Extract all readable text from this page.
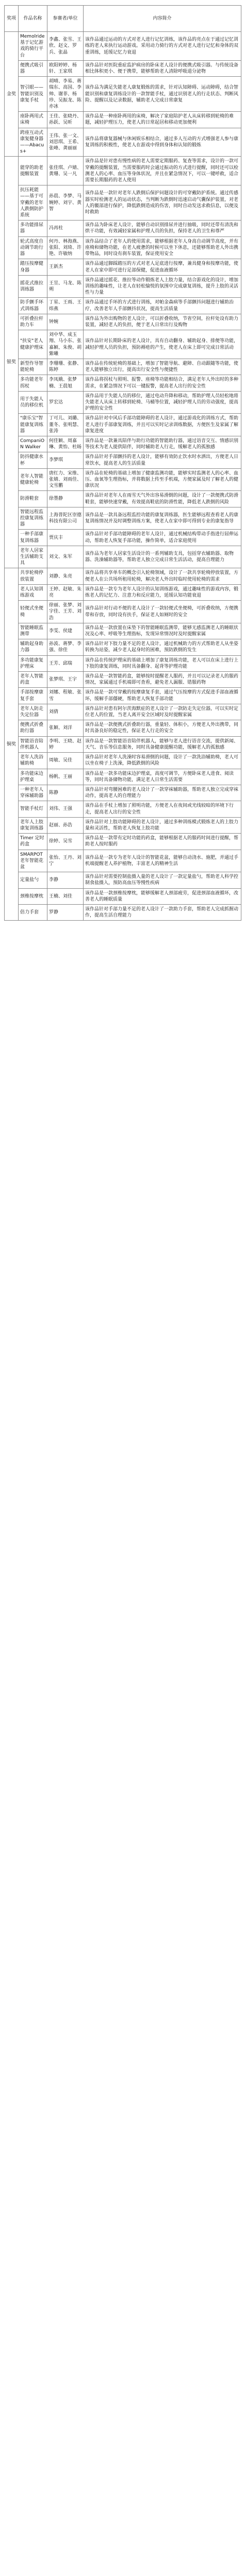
奖项	作品名称	参赛者/单位	内容简介
金奖	Memolride 基于记忆游戏的骑行平台	李鑫、张雪、王欣、赵文、罗兵、张晶	该作品通过运动的方式对老人进行记忆训练，该作品的亮点在于通过记忆训练的老人来执行运动游戏。采用动力骑行的方式对老人进行记忆和身体的双重训练，延缓记忆力衰退
	便携式吸引器	欧阳婷婷、杨轩、王家琪	该作品针对医院重症监护病房的卧床老人设计的便携式吸引器。与传统设备相比体积更小、便于携带，能够帮助老人清除呼吸道分泌物
	智引眼——智能识别及康复手杖	胡晴、李易、蒋瑞东、高国、李帅、谢菲、杨珍、吴振龙、陈亦冰	该作品为满足失能老人康复锻炼的需求，针对认知障碍、运动障碍，结合智能识别和康复训练设计的一款智能手杖，通过识别老人的行走状态、判断风险、提醒以及记录数据，辅助老人完成日常康复
	座卧两用式床椅	王佳、张晓丹、孙跃、吴昕	该作品是一种座卧两用的床椅，解决了家庭陪护老人从床转移到轮椅的难题，减轻护理压力，使老人的日常起居和移动更加便利
	跨座互动式康复健身器——Abacus+	王伟、张一文、刘思琪、王希、张峰、龚丽丽	该作品将康复器械与休闲娱乐相结合，通过多人互动的方式增强老人参与康复训练的积极性，使老人在游戏中得到身体和认知的锻炼
银奖	能穿的助老提醒装置	张佳琪、卢婧、黄珊、吴一凡	该作品是针对患有慢性病的老人需要定期服药、复查等需求，设计的一款可穿戴的提醒装置，当需要服药时会通过振动的方式进行提醒，同时还可以检测老人的心率、血压等身体状况，并且在紧急情况下，可以一键呼救，适合需要长期服药的老人使用
	抗压耗能——基于可穿戴的老年人跌倒防护系统	孙晨、李梦、马婉婷、刘宇、黄智	该作品是一款针对老年人跌倒后保护问题设计的可穿戴防护系统。通过传感器实时检测老人的运动状态，当判断为跌倒时迅速启动气囊保护装置，对老人的髋部进行保护，降低跌倒造成的伤害，同时自动发送求救信息，以便及时救助
	多功能排尿器	冯再柱	该作品为卧床老人设计，能够自动识别排尿并进行抽吸，同时还带有清洗和烘干功能，有效减轻家属和护理人员的负担，保持老人的卫生和尊严
	轮式高度自动调节助行器	何丹、林海燕、张阳、刘琦、许艳、许敏纳	该作品结合了老年人的使用需求，能够根据老年人身高自动调节高度，并有座椅和储物功能，在老人疲惫的时候可以坐下休息，还能够帮助老人外出携带物品，同时设有刹车装置，保证使用安全
	踏压按摩健身器	王新杰	该作品通过脚踩踏压的方式对老人足底进行按摩，兼具健身和按摩功能，使老人在家中即可进行足部保健，促进血液循环
	摇花式推拉训练器	王昱、马龙、陈朔	该作品通过摇花、推拉等动作锻炼老人上肢力量，结合游戏化的设计，增加训练的趣味性，让老人在轻松愉悦的氛围中完成康复训练，提升上肢的灵活性与力量
	防手颤手环式训练器	丁星、王雨、王炜燕	该作品通过手环的方式进行训练，对帕金森病等手部颤抖问题进行辅助治疗，改善老年人手部颤抖状况，提高生活质量
	可折叠拉杆助力车	钟婉	该作品为外出购物的老人设计，可以折叠收纳，节省空间，拉杆处设有助力装置，减轻老人的负担，便于老人日常出行及购物
	"扶安"老人健康护理床	刘中华、成玉翔、马小东、张嘉颖、朱俊、胡紫曦	该作品针对长期卧床的老人设计，具有自动翻身、辅助起身、排便等功能，减轻护理人员的负担，预防褥疮的产生，使老人在床上即可完成日常活动
	新型作导智能轮椅	李珊珊、张静、陈婷	该作品在传统轮椅的基础上，增加了智能导航、避障、自动跟随等功能，使老人能够独立出行，提高出行安全性与便捷性
	多功能老年拐杖	李凤娥、张梦楠、王晨旭	该作品将拐杖与照明、报警、座椅等功能相结合，满足老年人外出时的多种需求，在紧急情况下可以一键报警，提高老人出行的安全性
	用于失能人员的移位机	罗宏达	该作品用于失能人员的移位，通过电动升降和移动，帮助护理人员轻松地将失能老人从床上转移到轮椅、马桶等位置，减轻护理人员的劳动强度，提高护理的安全性
	"康乐宝"智能康复训练器	丁可儿、刘璐、董冬、张明慧、张涛	该作品针对中风后手部功能障碍的老人设计，通过游戏化的训练方式，帮助老人进行手部康复训练，并且可以实时记录训练数据，方便医生及家属了解康复进度
	CompaniON Walker	何佳颖、周嘉琳、黄怡、杜旸	该作品是一款兼具陪伴与助行功能的智能助行器，通过语音交互、情感识别等技术为老人提供陪伴，同时辅助老人行走，缓解老人的孤独感
	防抖健康水杯	李梦琪	该作品针对手部颤抖的老人设计，能够有效防止饮水时水洒出，方便老人日常饮水，提高老人的生活质量
	老年人智能健康轮椅	唐红力、宋维、张婧、刘雨佳、文雪鹏	该作品在轮椅的基础上增加了健康监测功能，能够实时监测老人的心率、血压、血氧等生理指标，并将数据上传至手机端，方便家属及时了解老人的健康状况
	防滑鞋套	徐墨静	该作品针对老年人在雨雪天气外出容易滑倒的问题，设计了一款便携式防滑鞋套，能够快速穿戴，有效提高鞋底的防滑性能，降低老人跌倒的风险
	智能远程监控康复训练器	上海普陀区崇德科技有限公司	该作品是一款具备远程监控功能的康复训练器，医生能够远程查看老人的康复训练情况并及时调整训练方案，使老人在家中即可得到专业的康复指导
	一种手部康复训练器	贾庆丰	该作品针对手部功能障碍的老年人设计，通过机械结构带动手指进行屈伸运动，帮助老人恢复手部功能，操作简单，适合家庭使用
	老年人居家生活辅助支具	刘文、朱军	该作品为老年人居家生活设计的一系列辅助支具，包括穿衣辅助器、取物器、洗澡辅助器等，帮助老人独立完成日常生活活动，提高自理能力
铜奖	共享轮椅停放装置	刘静、朱亮	该作品将共享单车的概念引入轮椅领域，设计了一款共享轮椅停放装置，方便老人在公共场所租用轮椅，解决老人外出时临时使用轮椅的需求
	老人认知训练游戏	王婷、赵敏、朱亮	该作品是一款专为老年人设计的认知训练游戏，通过趣味性的游戏内容，锻炼老人的记忆力、注意力和反应能力，延缓认知功能衰退
	轻便式坐便椅	徐丽、张梦、刘宇佳、王芳、刘浩	该作品针对行动不便的老人设计了一款轻便式坐便椅，可折叠收纳，方便携带和存放，同时设有扶手，保证老人如厕时的安全
	智能睡眠监测带	李雯、侯建	该作品是一款放置在床垫下的智能睡眠监测带，能够无感监测老人的睡眠状况及心率、呼吸等生理指标，发现异常情况时及时提醒家属
	辅助起身助力器	孙波、蒋梦、李强、徐佳	该作品针对下肢力量不足的老人设计，通过机械助力的方式帮助老人从坐姿转换为站姿，减少老人起身时的困难，预防跌倒的发生
	多功能康复护理床	王芳、邱瑞	该作品在传统护理床的基础上增加了康复训练功能，老人可以在床上进行上下肢的康复训练，同时具备翻身、起背等护理功能
	老年人智能药盒	张梦琪、王宇	该作品是一款智能药盒，能够按时提醒老人服药，并且可以记录老人的服药情况，家属通过手机端即可查看，避免老人漏服、错服药物
	手部按摩康复手套	刘娜、程敏、张雪	该作品是一款可穿戴的按摩康复手套，通过气压按摩的方式促进手部血液循环，缓解手部僵硬，帮助老人恢复手部功能
	老年人防走失定位器	刘倩	该作品针对患有阿尔茨海默症的老人设计了一款防走失定位器，可以实时定位老人的位置，当老人离开安全区域时及时提醒家属
	便携式折叠助行器	张颖、刘洋	该作品是一款便携式折叠助行器，重量轻、体积小，方便老人外出携带，同时具备良好的稳定性，保证老人行走的安全
	智能语音陪伴机器人	李明、王晓、赵婷	该作品是一款智能语音陪伴机器人，能够与老人进行语音交流，提供新闻、天气、音乐等信息服务，同时具备健康提醒功能，缓解老人的孤独感
	老年人洗浴辅助椅	周敏、吴佳	该作品针对老年人洗澡时容易滑倒的问题，设计了一款洗浴辅助椅，老人可以坐在椅子上洗澡，降低跌倒的风险
	多功能床边护理桌	杨帆、王丽	该作品是一款多功能床边护理桌，高度可调节，方便卧床老人进食、阅读等，同时具备储物功能，满足老人日常生活需要
	一种老年人穿袜辅助器	陈静	该作品针对弯腰困难的老人设计了一款穿袜辅助器，帮助老人独立完成穿袜动作，提高老人的自理能力
	智能手杖灯	刘伟、王强	该作品在手杖上增加了照明功能，方便老人在夜间或光线较暗的环境下行走，提高老人出行的安全性
	老年人上肢康复训练器	赵丽、孙浩	该作品针对上肢功能障碍的老人设计，通过多种训练模式锻炼老人的上肢力量和灵活性，帮助老人恢复上肢功能
	Timer 定时药盒	徐婷、吴雪	该作品是一款带有定时功能的药盒，能够根据老人的服药时间进行提醒，帮助老人按时服药
	SMARPOT老年智能花盆	张怡、王丹、刘宁	该作品是一款专为老年人设计的智能花盆，能够自动浇水、施肥，并通过手机端提醒老人养护植物，丰富老人的精神生活
	定量盐勺	李静	该作品针对需要控制盐摄入量的老人设计了一款定量盐勺，帮助老人科学控制食盐摄入，预防高血压等慢性疾病
	颈椎按摩枕	王楠、刘佳	该作品是一款颈椎按摩枕，能够缓解老人颈部疲劳，促进颈部血液循环，改善老人的睡眠质量
	倍力手套	罗静	该作品针对手部力量不足的老人设计了一款助力手套，帮助老人完成抓握动作，提高生活自理能力
